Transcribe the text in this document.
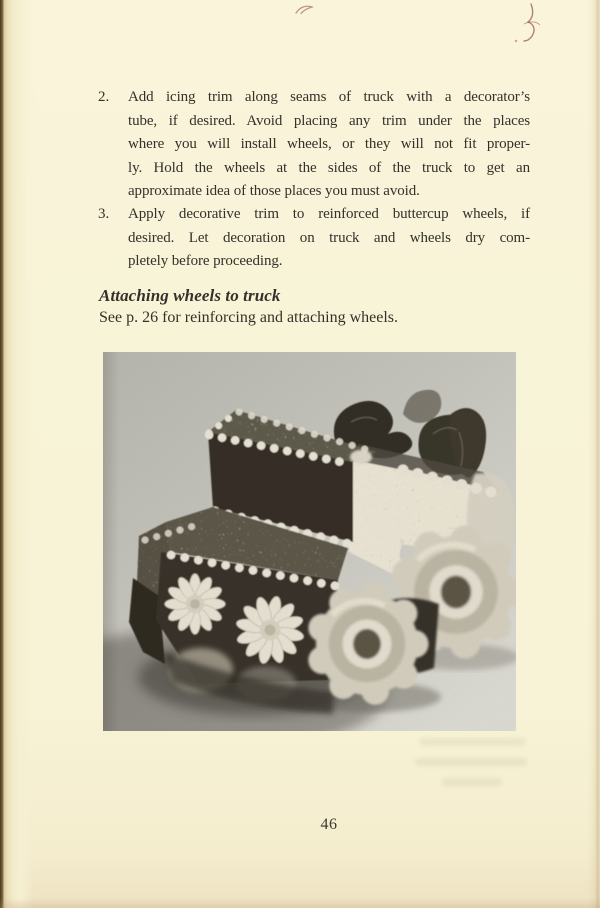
2. Add icing trim along seams of truck with a decorator’s
tube, if desired. Avoid placing any trim under the places
where you will install wheels, or they will not fit proper-
ly. Hold the wheels at the sides of the truck to get an
approximate idea of those places you must avoid.
3. Apply decorative trim to reinforced buttercup wheels, if
desired. Let decoration on truck and wheels dry com-
pletely before proceeding.
Attaching wheels to truck
See p. 26 for reinforcing and attaching wheels.
46
